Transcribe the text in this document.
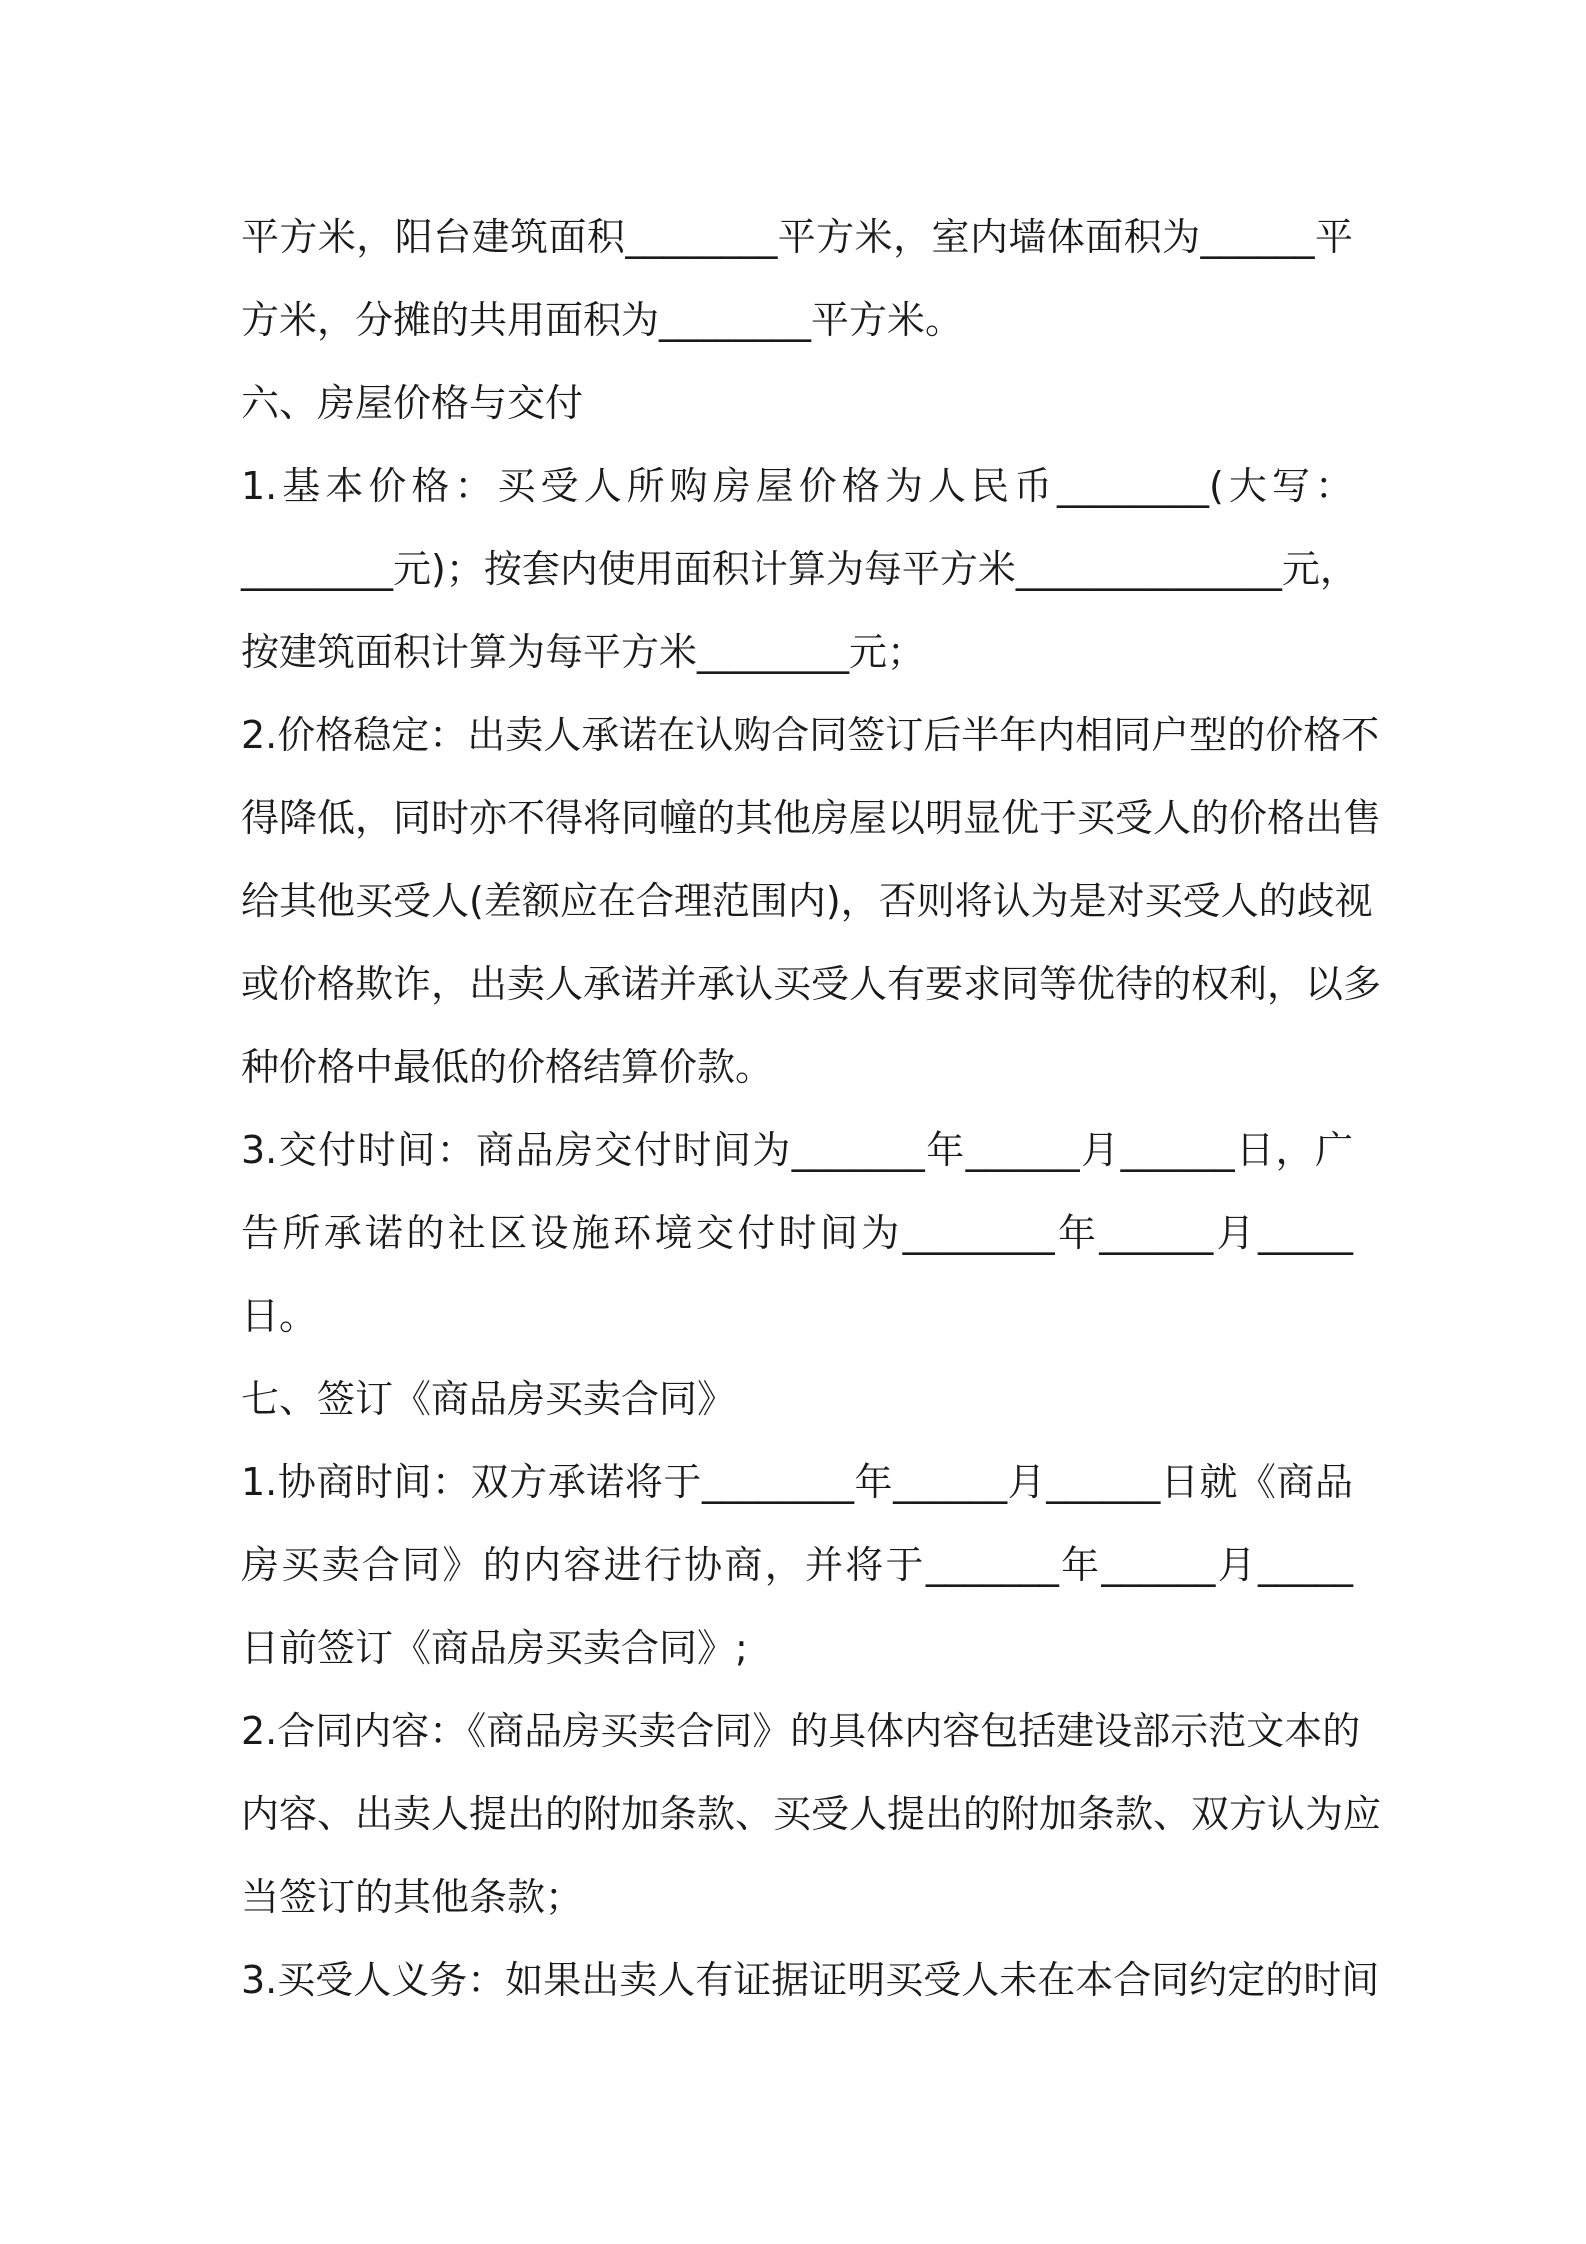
平方米，阳台建筑面积________平方米，室内墙体面积为______平
方米，分摊的共用面积为________平方米。
六、房屋价格与交付
1.基本价格：买受人所购房屋价格为人民币________(大写：
________元)；按套内使用面积计算为每平方米______________元，
按建筑面积计算为每平方米________元；
2.价格稳定：出卖人承诺在认购合同签订后半年内相同户型的价格不
得降低，同时亦不得将同幢的其他房屋以明显优于买受人的价格出售
给其他买受人(差额应在合理范围内)，否则将认为是对买受人的歧视
或价格欺诈，出卖人承诺并承认买受人有要求同等优待的权利，以多
种价格中最低的价格结算价款。
3.交付时间：商品房交付时间为_______年______月______日，广
告所承诺的社区设施环境交付时间为________年______月_____
日。
七、签订《商品房买卖合同》
1.协商时间：双方承诺将于________年______月______日就《商品
房买卖合同》的内容进行协商，并将于_______年______月_____
日前签订《商品房买卖合同》;
2.合同内容：《商品房买卖合同》的具体内容包括建设部示范文本的
内容、出卖人提出的附加条款、买受人提出的附加条款、双方认为应
当签订的其他条款；
3.买受人义务：如果出卖人有证据证明买受人未在本合同约定的时间
